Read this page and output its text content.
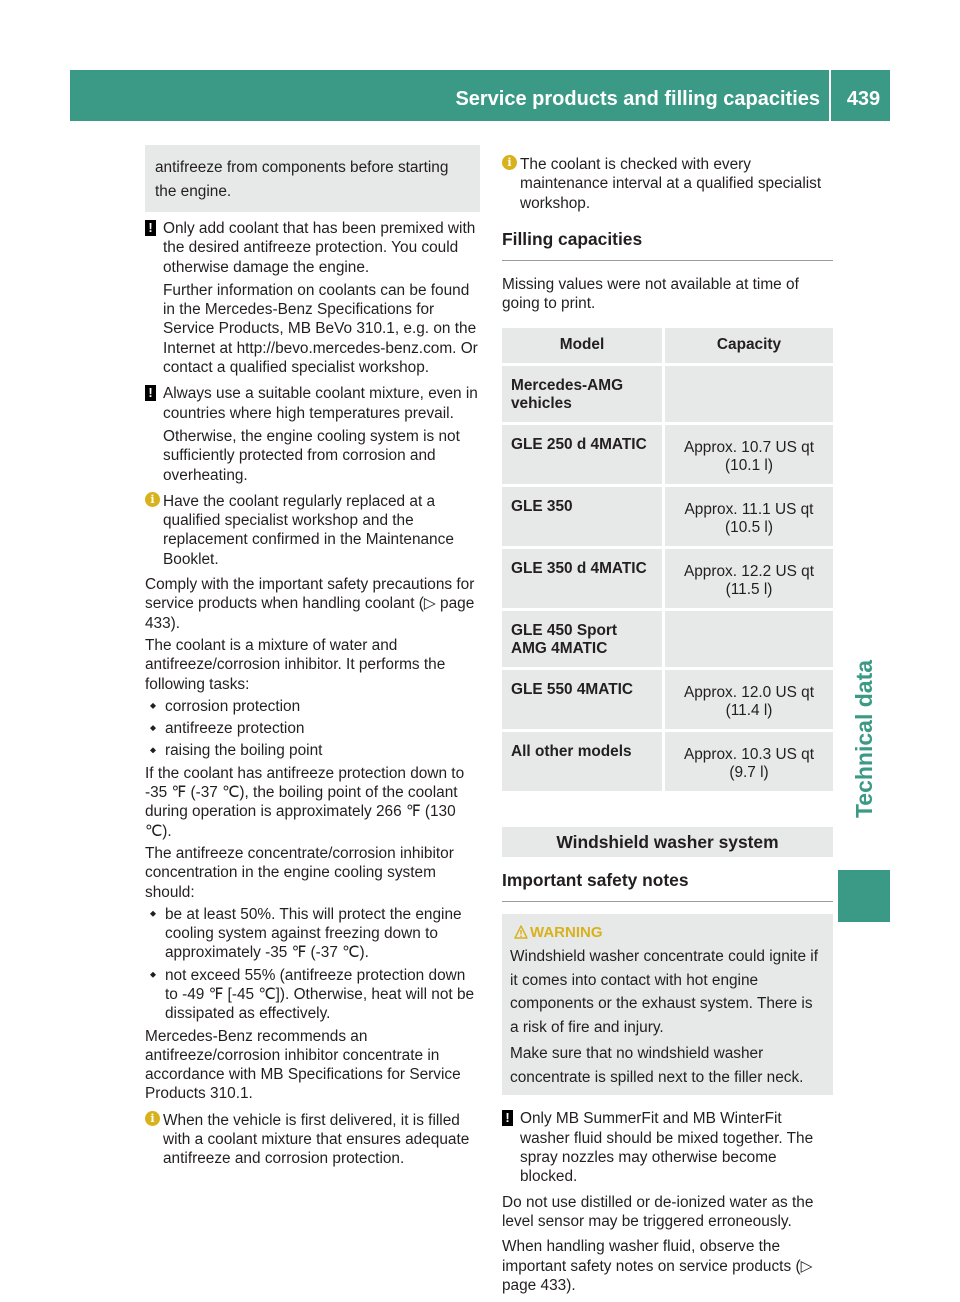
Service products and filling capacities	439
Technical data

antifreeze from components before starting the engine.

! Only add coolant that has been premixed with the desired antifreeze protection. You could otherwise damage the engine.

Further information on coolants can be found in the Mercedes-Benz Specifications for Service Products, MB BeVo 310.1, e.g. on the Internet at http://bevo.mercedes-benz.com. Or contact a qualified specialist workshop.

! Always use a suitable coolant mixture, even in countries where high temperatures prevail.

Otherwise, the engine cooling system is not sufficiently protected from corrosion and overheating.

i Have the coolant regularly replaced at a qualified specialist workshop and the replacement confirmed in the Maintenance Booklet.

Comply with the important safety precautions for service products when handling coolant (▷ page 433).

The coolant is a mixture of water and antifreeze/corrosion inhibitor. It performs the following tasks:

corrosion protection
antifreeze protection
raising the boiling point

If the coolant has antifreeze protection down to -35 ℉ (-37 ℃), the boiling point of the coolant during operation is approximately 266 ℉ (130 ℃).

The antifreeze concentrate/corrosion inhibitor concentration in the engine cooling system should:

be at least 50%. This will protect the engine cooling system against freezing down to approximately -35 ℉ (-37 ℃).
not exceed 55% (antifreeze protection down to -49 ℉ [-45 ℃]). Otherwise, heat will not be dissipated as effectively.

Mercedes-Benz recommends an antifreeze/corrosion inhibitor concentrate in accordance with MB Specifications for Service Products 310.1.

i When the vehicle is first delivered, it is filled with a coolant mixture that ensures adequate antifreeze and corrosion protection.

i The coolant is checked with every maintenance interval at a qualified specialist workshop.

Filling capacities

Missing values were not available at time of going to print.

Model	Capacity
Mercedes-AMG vehicles	
GLE 250 d 4MATIC	Approx. 10.7 US qt (10.1 l)
GLE 350	Approx. 11.1 US qt (10.5 l)
GLE 350 d 4MATIC	Approx. 12.2 US qt (11.5 l)
GLE 450 Sport AMG 4MATIC	
GLE 550 4MATIC	Approx. 12.0 US qt (11.4 l)
All other models	Approx. 10.3 US qt (9.7 l)
Windshield washer system
Important safety notes
WARNING

Windshield washer concentrate could ignite if it comes into contact with hot engine components or the exhaust system. There is a risk of fire and injury.

Make sure that no windshield washer concentrate is spilled next to the filler neck.

! Only MB SummerFit and MB WinterFit washer fluid should be mixed together. The spray nozzles may otherwise become blocked.

Do not use distilled or de-ionized water as the level sensor may be triggered erroneously.

When handling washer fluid, observe the important safety notes on service products (▷ page 433).
